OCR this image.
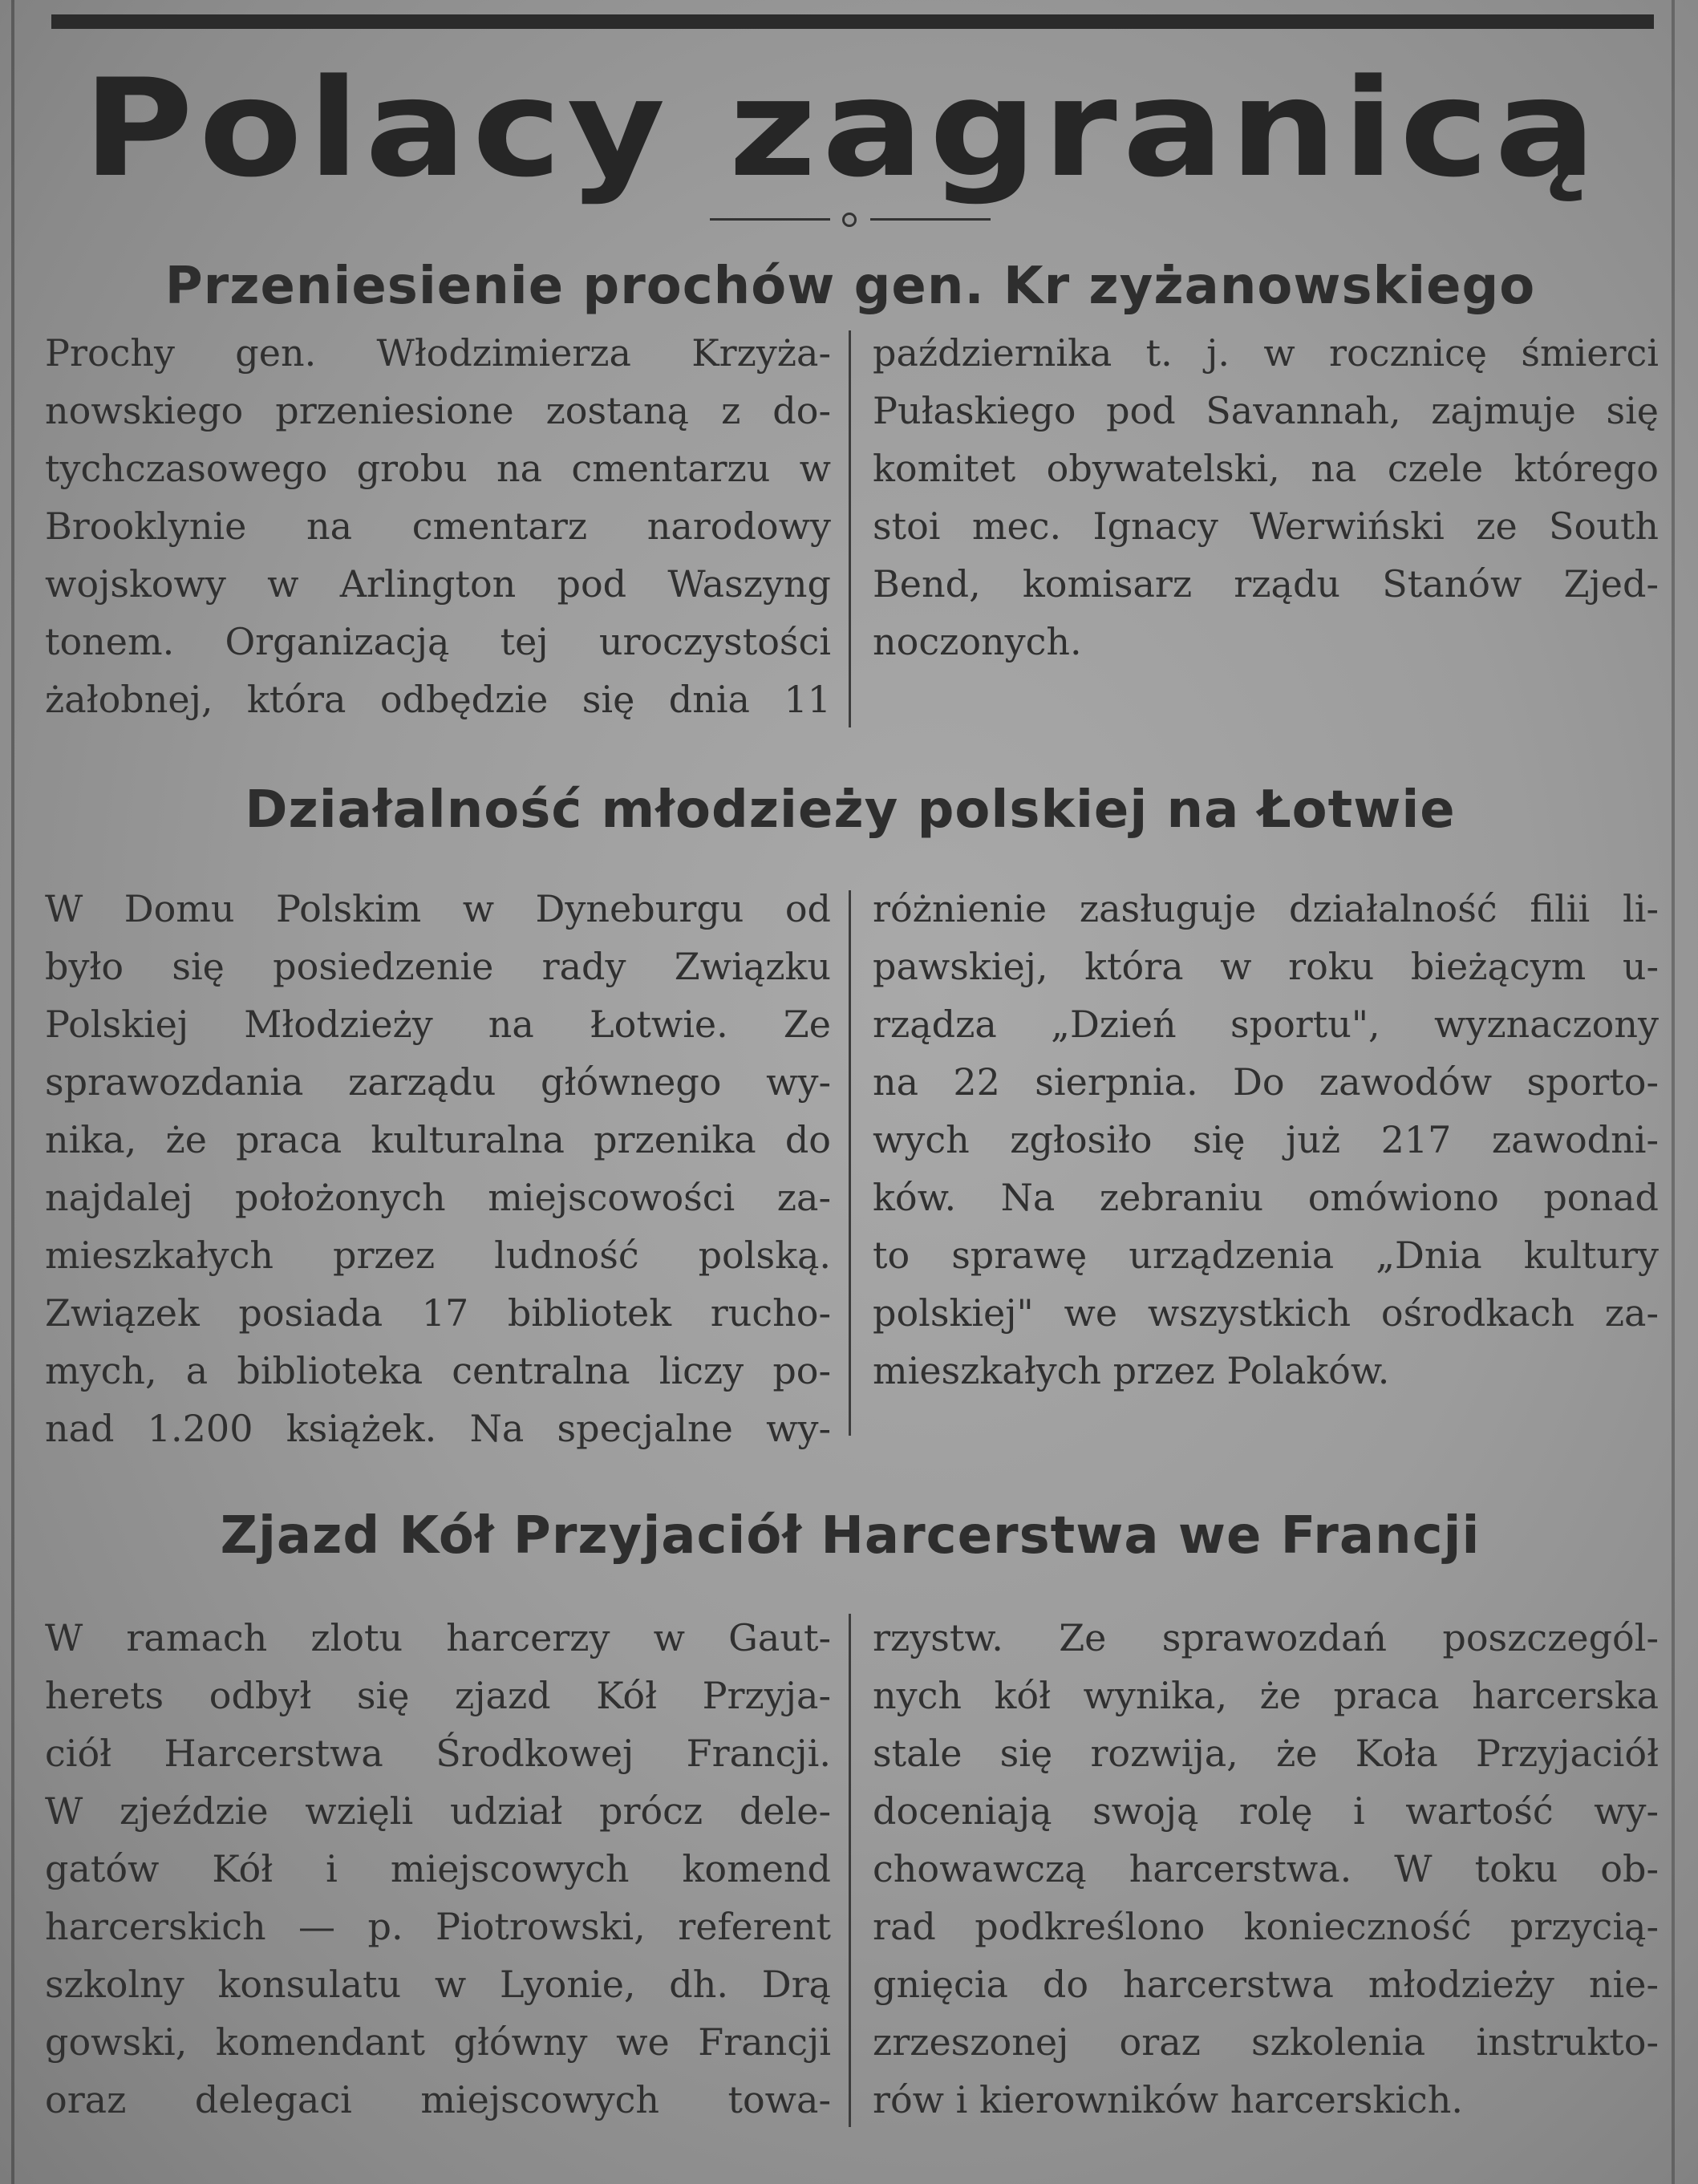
Polacy zagranicą
Przeniesienie prochów gen. Kr zyżanowskiego
Prochy gen. Włodzimierza Krzyża-
nowskiego przeniesione zostaną z do-
tychczasowego grobu na cmentarzu w
Brooklynie na cmentarz narodowy
wojskowy w Arlington pod Waszyng
tonem. Organizacją tej uroczystości
żałobnej, która odbędzie się dnia 11
października t. j. w rocznicę śmierci
Pułaskiego pod Savannah, zajmuje się
komitet obywatelski, na czele którego
stoi mec. Ignacy Werwiński ze South
Bend, komisarz rządu Stanów Zjed-
noczonych.
Działalność młodzieży polskiej na Łotwie
W Domu Polskim w Dyneburgu od
było się posiedzenie rady Związku
Polskiej Młodzieży na Łotwie. Ze
sprawozdania zarządu głównego wy-
nika, że praca kulturalna przenika do
najdalej położonych miejscowości za-
mieszkałych przez ludność polską.
Związek posiada 17 bibliotek rucho-
mych, a biblioteka centralna liczy po-
nad 1.200 książek. Na specjalne wy-
różnienie zasługuje działalność filii li-
pawskiej, która w roku bieżącym u-
rządza „Dzień sportu", wyznaczony
na 22 sierpnia. Do zawodów sporto-
wych zgłosiło się już 217 zawodni-
ków. Na zebraniu omówiono ponad
to sprawę urządzenia „Dnia kultury
polskiej" we wszystkich ośrodkach za-
mieszkałych przez Polaków.
Zjazd Kół Przyjaciół Harcerstwa we Francji
W ramach zlotu harcerzy w Gaut-
herets odbył się zjazd Kół Przyja-
ciół Harcerstwa Środkowej Francji.
W zjeździe wzięli udział prócz dele-
gatów Kół i miejscowych komend
harcerskich — p. Piotrowski, referent
szkolny konsulatu w Lyonie, dh. Drą
gowski, komendant główny we Francji
oraz delegaci miejscowych towa-
rzystw. Ze sprawozdań poszczegól-
nych kół wynika, że praca harcerska
stale się rozwija, że Koła Przyjaciół
doceniają swoją rolę i wartość wy-
chowawczą harcerstwa. W toku ob-
rad podkreślono konieczność przycią-
gnięcia do harcerstwa młodzieży nie-
zrzeszonej oraz szkolenia instrukto-
rów i kierowników harcerskich.
